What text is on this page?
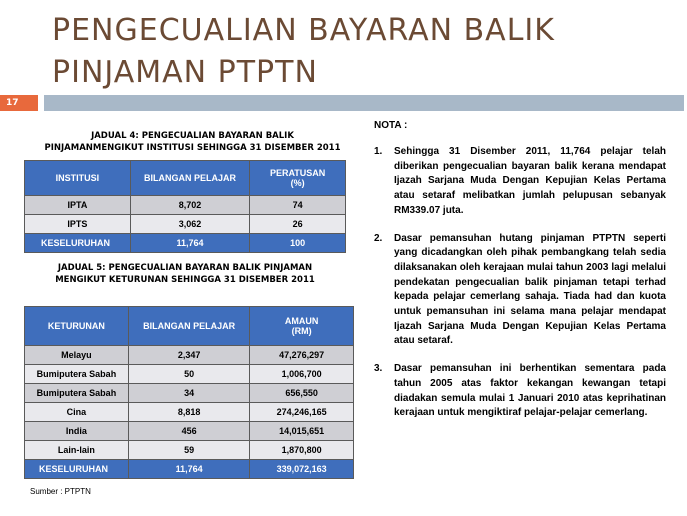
PENGECUALIAN BAYARAN BALIK
PINJAMAN PTPTN
17
JADUAL 4: PENGECUALIAN BAYARAN BALIK
PINJAMANMENGIKUT INSTITUSI SEHINGGA 31 DISEMBER 2011
INSTITUSI	BILANGAN PELAJAR	PERATUSAN (%)
IPTA	8,702	74
IPTS	3,062	26
KESELURUHAN	11,764	100
JADUAL 5: PENGECUALIAN BAYARAN BALIK PINJAMAN
MENGIKUT KETURUNAN SEHINGGA 31 DISEMBER 2011
KETURUNAN	BILANGAN PELAJAR	AMAUN (RM)
Melayu	2,347	47,276,297
Bumiputera Sabah	50	1,006,700
Bumiputera Sabah	34	656,550
Cina	8,818	274,246,165
India	456	14,015,651
Lain-lain	59	1,870,800
KESELURUHAN	11,764	339,072,163
Sumber : PTPTN
NOTA :
1. Sehingga 31 Disember 2011, 11,764 pelajar telah diberikan pengecualian bayaran balik kerana mendapat Ijazah Sarjana Muda Dengan Kepujian Kelas Pertama atau setaraf melibatkan jumlah pelupusan sebanyak RM339.07 juta.
2. Dasar pemansuhan hutang pinjaman PTPTN seperti yang dicadangkan oleh pihak pembangkang telah sedia dilaksanakan oleh kerajaan mulai tahun 2003 lagi melalui pendekatan pengecualian balik pinjaman tetapi terhad kepada pelajar cemerlang sahaja. Tiada had dan kuota untuk pemansuhan ini selama mana pelajar mendapat Ijazah Sarjana Muda Dengan Kepujian Kelas Pertama atau setaraf.
3. Dasar pemansuhan ini berhentikan sementara pada tahun 2005 atas faktor kekangan kewangan tetapi diadakan semula mulai 1 Januari 2010 atas keprihatinan kerajaan untuk mengiktiraf pelajar-pelajar cemerlang.
